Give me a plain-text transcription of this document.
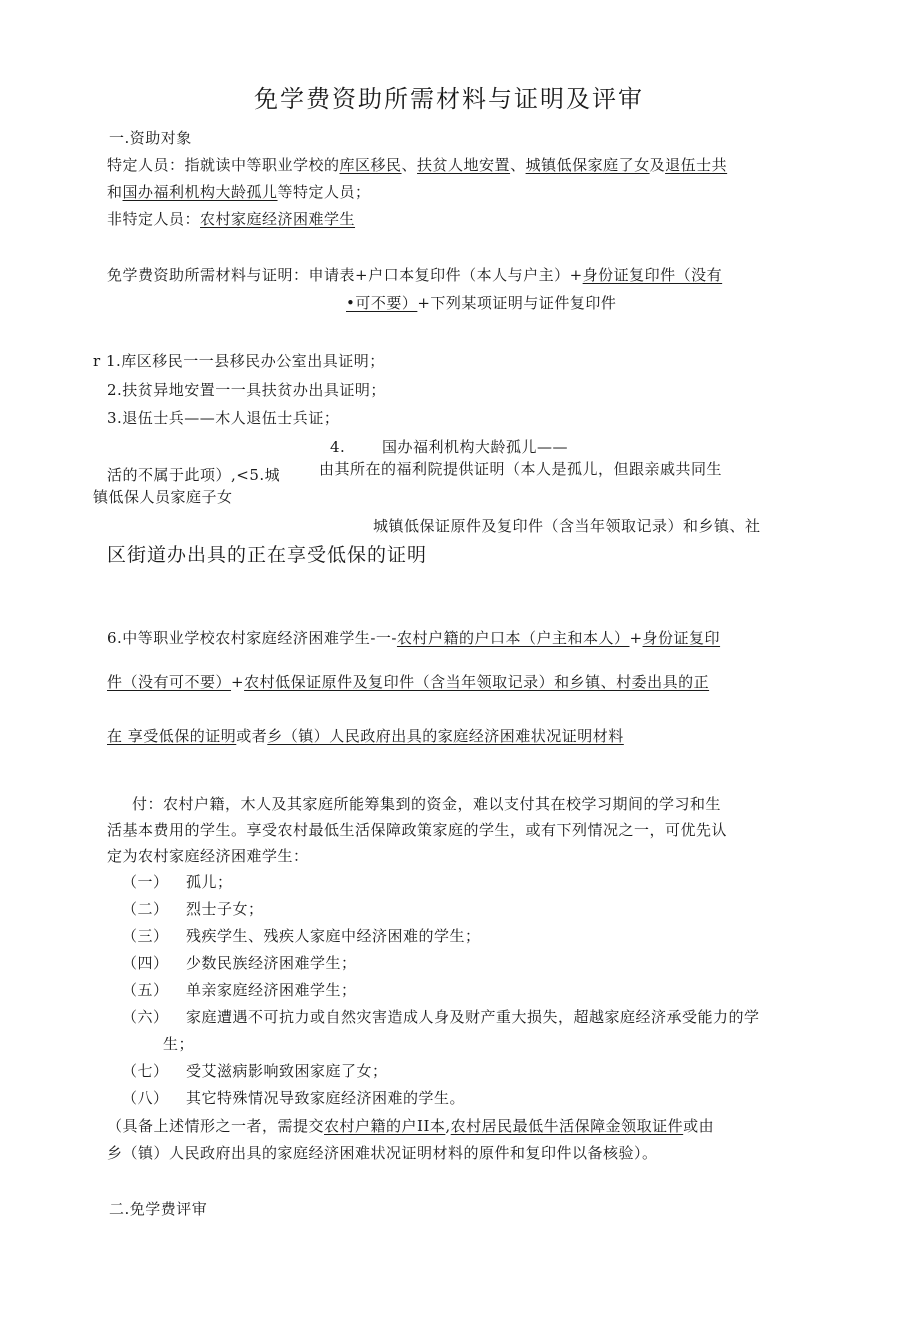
免学费资助所需材料与证明及评审
一.资助对象
特定人员：指就读中等职业学校的库区移民、扶贫人地安置、城镇低保家庭了女及退伍士共
和国办福利机构大龄孤儿等特定人员；
非特定人员：农村家庭经济困难学生
免学费资助所需材料与证明：申请表+户口本复印件（本人与户主）+身份证复印件（没有
•可不要）+下列某项证明与证件复印件
r 1.库区移民一一县移民办公室出具证明；
2.扶贫异地安置一一具扶贫办出具证明；
3.退伍士兵——木人退伍士兵证；
4. 国办福利机构大龄孤儿——
由其所在的福利院提供证明（本人是孤儿，但跟亲戚共同生
活的不属于此项）,<5.城
镇低保人员家庭子女
城镇低保证原件及复印件（含当年领取记录）和乡镇、社
区街道办出具的正在享受低保的证明
6.中等职业学校农村家庭经济困难学生-一-农村户籍的户口本（户主和本人）+身份证复印
件（没有可不要）+农村低保证原件及复印件（含当年领取记录）和乡镇、村委出具的正
在 享受低保的证明或者乡（镇）人民政府出具的家庭经济困难状况证明材料
付：农村户籍，木人及其家庭所能筹集到的资金，难以支付其在校学习期间的学习和生
活基本费用的学生。享受农村最低生活保障政策家庭的学生，或有下列情况之一，可优先认
定为农村家庭经济困难学生：
（一） 孤儿；
（二） 烈士子女；
（三） 残疾学生、残疾人家庭中经济困难的学生；
（四） 少数民族经济困难学生；
（五） 单亲家庭经济困难学生；
（六） 家庭遭遇不可抗力或自然灾害造成人身及财产重大损失，超越家庭经济承受能力的学
生；
（七） 受艾滋病影响致困家庭了女；
（八） 其它特殊情况导致家庭经济困难的学生。
（具备上述情形之一者，需提交农村户籍的户II本,农村居民最低牛活保障金领取证件或由
乡（镇）人民政府出具的家庭经济困难状况证明材料的原件和复印件以备核验）。
二.免学费评审
